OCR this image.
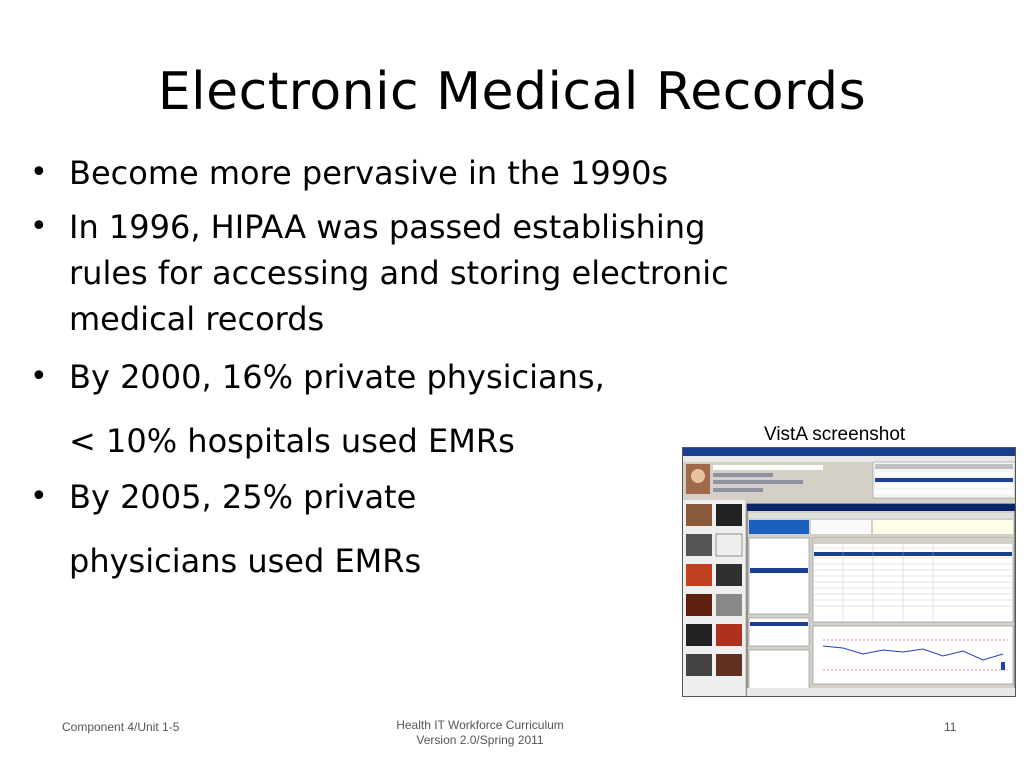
Electronic Medical Records
• Become more pervasive in the 1990s
• In 1996, HIPAA was passed establishing
rules for accessing and storing electronic
medical records
• By 2000, 16% private physicians,
< 10% hospitals used EMRs
• By 2005, 25% private
physicians used EMRs
VistA screenshot
Component 4/Unit 1-5	Health IT Workforce Curriculum
Version 2.0/Spring 2011
11
